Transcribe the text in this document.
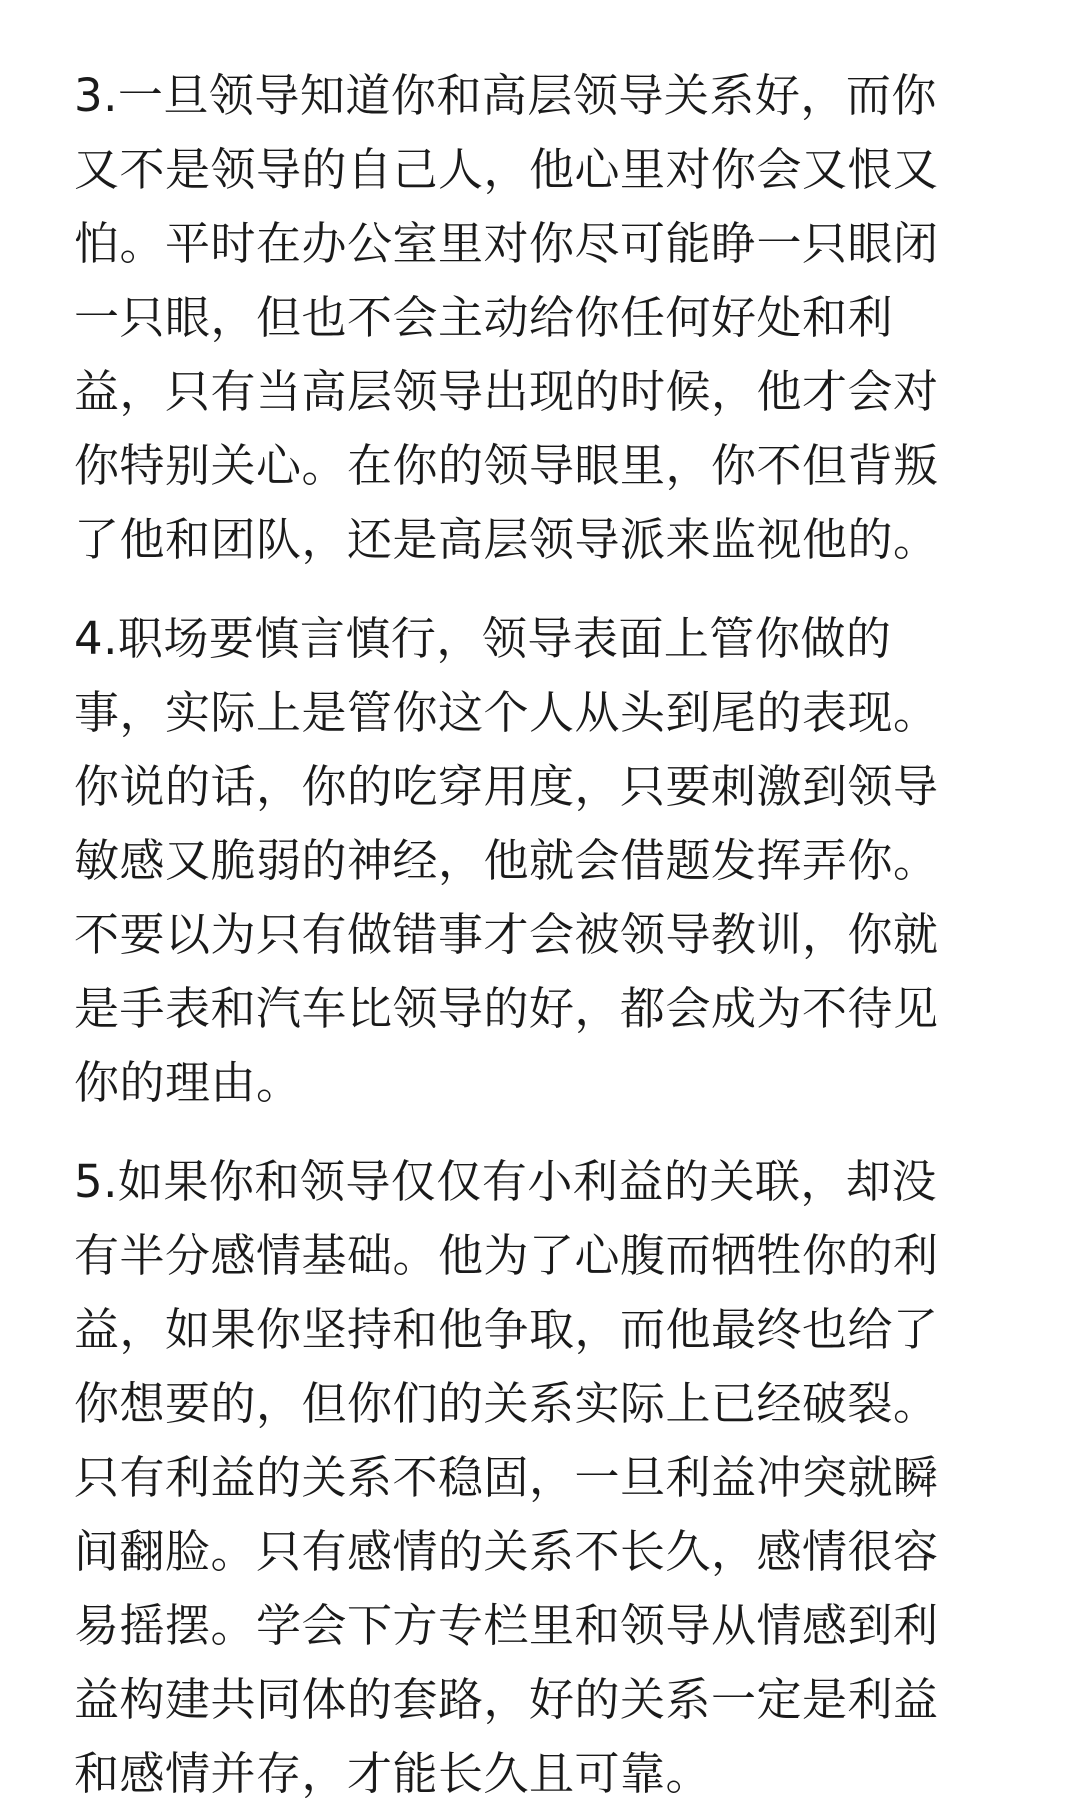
3.一旦领导知道你和高层领导关系好，而你
又不是领导的自己人，他心里对你会又恨又
怕。平时在办公室里对你尽可能睁一只眼闭
一只眼，但也不会主动给你任何好处和利
益，只有当高层领导出现的时候，他才会对
你特别关心。在你的领导眼里，你不但背叛
了他和团队，还是高层领导派来监视他的。
4.职场要慎言慎行，领导表面上管你做的
事，实际上是管你这个人从头到尾的表现。
你说的话，你的吃穿用度，只要刺激到领导
敏感又脆弱的神经，他就会借题发挥弄你。
不要以为只有做错事才会被领导教训，你就
是手表和汽车比领导的好，都会成为不待见
你的理由。
5.如果你和领导仅仅有小利益的关联，却没
有半分感情基础。他为了心腹而牺牲你的利
益，如果你坚持和他争取，而他最终也给了
你想要的，但你们的关系实际上已经破裂。
只有利益的关系不稳固，一旦利益冲突就瞬
间翻脸。只有感情的关系不长久，感情很容
易摇摆。学会下方专栏里和领导从情感到利
益构建共同体的套路，好的关系一定是利益
和感情并存，才能长久且可靠。
